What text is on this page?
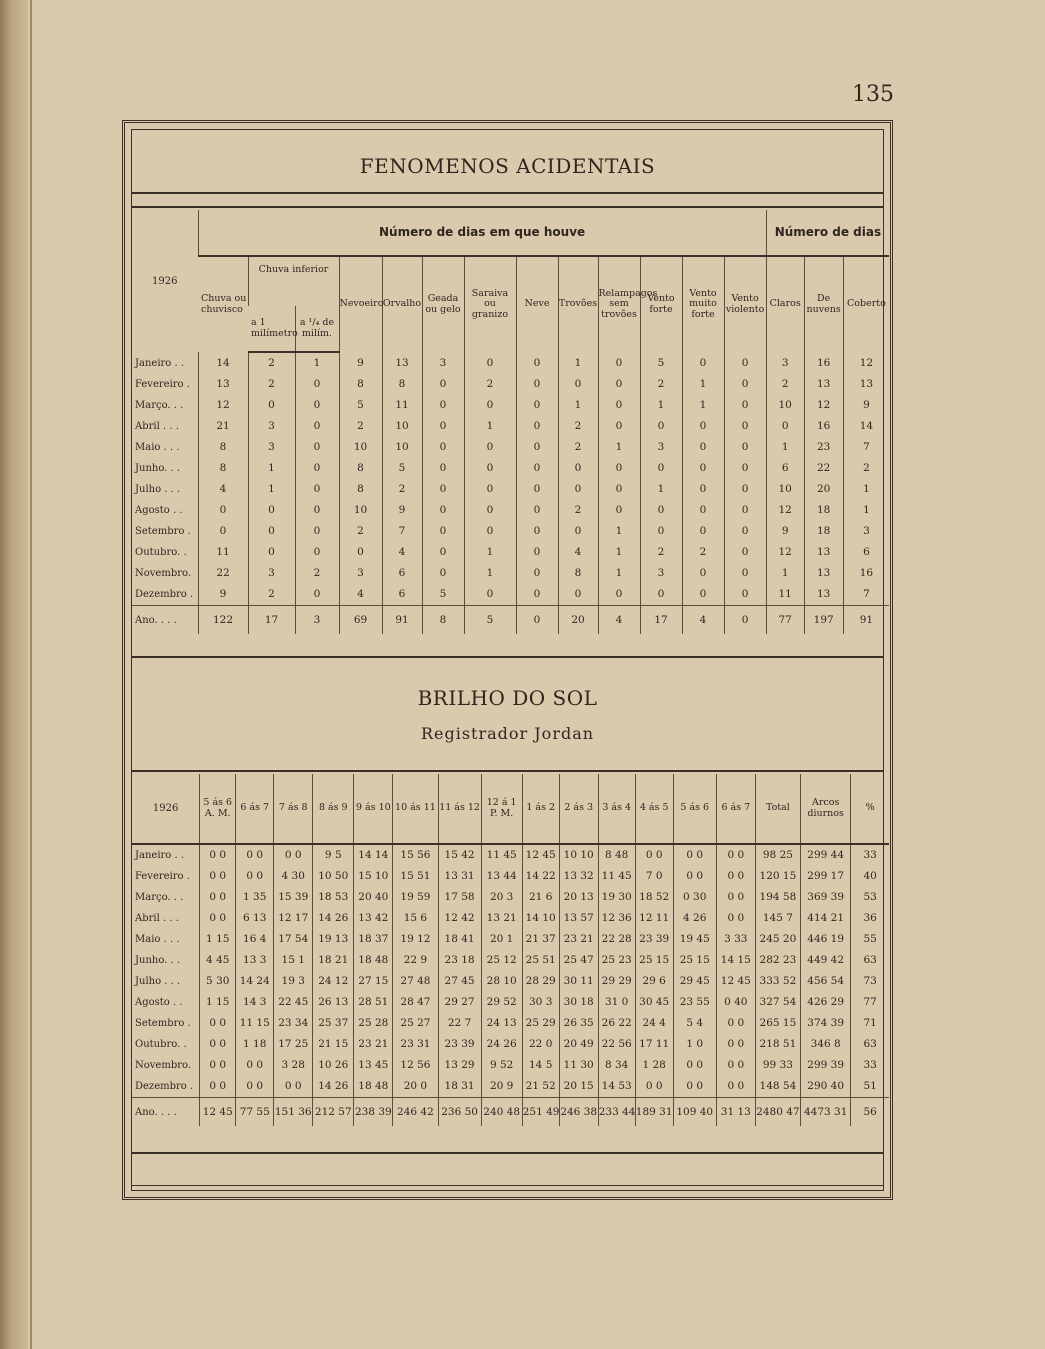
135
FENOMENOS ACIDENTAIS
1926	Número de dias em que houve													Número de dias		
	Chuva ou chuvisco	Chuva inferior		Nevoeiro	Orvalho	Geada ou gelo	Saraiva ou granizo	Neve	Trovões	Relampagos sem trovões	Vento forte	Vento muito forte	Vento violento	Claros	De nuvens	Coberto
		a 1 milímetro	a ¹/₄ de milím.													
Janeiro . .	14	2	1	9	13	3	0	0	1	0	5	0	0	3	16	12
Fevereiro .	13	2	0	8	8	0	2	0	0	0	2	1	0	2	13	13
Março. . .	12	0	0	5	11	0	0	0	1	0	1	1	0	10	12	9
Abril . . .	21	3	0	2	10	0	1	0	2	0	0	0	0	0	16	14
Maio . . .	8	3	0	10	10	0	0	0	2	1	3	0	0	1	23	7
Junho. . .	8	1	0	8	5	0	0	0	0	0	0	0	0	6	22	2
Julho . . .	4	1	0	8	2	0	0	0	0	0	1	0	0	10	20	1
Agosto . .	0	0	0	10	9	0	0	0	2	0	0	0	0	12	18	1
Setembro .	0	0	0	2	7	0	0	0	0	1	0	0	0	9	18	3
Outubro. .	11	0	0	0	4	0	1	0	4	1	2	2	0	12	13	6
Novembro.	22	3	2	3	6	0	1	0	8	1	3	0	0	1	13	16
Dezembro .	9	2	0	4	6	5	0	0	0	0	0	0	0	11	13	7
Ano. . . .	122	17	3	69	91	8	5	0	20	4	17	4	0	77	197	91
BRILHO DO SOL
Registrador Jordan
1926	5 ás 6 A. M.	6 ás 7	7 ás 8	8 ás 9	9 ás 10	10 ás 11	11 ás 12	12 á 1 P. M.	1 ás 2	2 ás 3	3 ás 4	4 ás 5	5 ás 6	6 ás 7	Total	Arcos diurnos	%
Janeiro . .	0 0	0 0	0 0	9 5	14 14	15 56	15 42	11 45	12 45	10 10	8 48	0 0	0 0	0 0	98 25	299 44	33
Fevereiro .	0 0	0 0	4 30	10 50	15 10	15 51	13 31	13 44	14 22	13 32	11 45	7 0	0 0	0 0	120 15	299 17	40
Março. . .	0 0	1 35	15 39	18 53	20 40	19 59	17 58	20 3	21 6	20 13	19 30	18 52	0 30	0 0	194 58	369 39	53
Abril . . .	0 0	6 13	12 17	14 26	13 42	15 6	12 42	13 21	14 10	13 57	12 36	12 11	4 26	0 0	145 7	414 21	36
Maio . . .	1 15	16 4	17 54	19 13	18 37	19 12	18 41	20 1	21 37	23 21	22 28	23 39	19 45	3 33	245 20	446 19	55
Junho. . .	4 45	13 3	15 1	18 21	18 48	22 9	23 18	25 12	25 51	25 47	25 23	25 15	25 15	14 15	282 23	449 42	63
Julho . . .	5 30	14 24	19 3	24 12	27 15	27 48	27 45	28 10	28 29	30 11	29 29	29 6	29 45	12 45	333 52	456 54	73
Agosto . .	1 15	14 3	22 45	26 13	28 51	28 47	29 27	29 52	30 3	30 18	31 0	30 45	23 55	0 40	327 54	426 29	77
Setembro .	0 0	11 15	23 34	25 37	25 28	25 27	22 7	24 13	25 29	26 35	26 22	24 4	5 4	0 0	265 15	374 39	71
Outubro. .	0 0	1 18	17 25	21 15	23 21	23 31	23 39	24 26	22 0	20 49	22 56	17 11	1 0	0 0	218 51	346 8	63
Novembro.	0 0	0 0	3 28	10 26	13 45	12 56	13 29	9 52	14 5	11 30	8 34	1 28	0 0	0 0	99 33	299 39	33
Dezembro .	0 0	0 0	0 0	14 26	18 48	20 0	18 31	20 9	21 52	20 15	14 53	0 0	0 0	0 0	148 54	290 40	51
Ano. . . .	12 45	77 55	151 36	212 57	238 39	246 42	236 50	240 48	251 49	246 38	233 44	189 31	109 40	31 13	2480 47	4473 31	56
